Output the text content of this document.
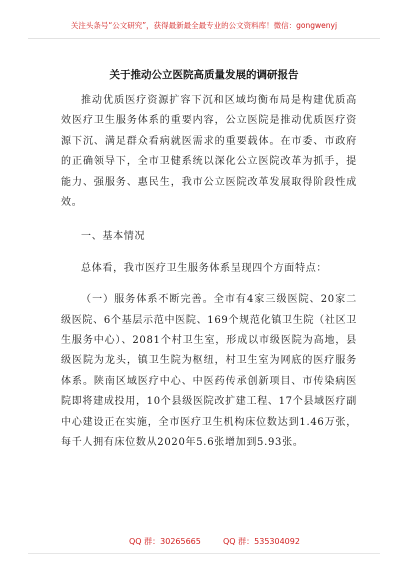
关注头条号“公文研究”，获得最新最全最专业的公文资料库！微信：gongwenyj
关于推动公立医院高质量发展的调研报告

推动优质医疗资源扩容下沉和区域均衡布局是构建优质高效医疗卫生服务体系的重要内容，公立医院是推动优质医疗资源下沉、满足群众看病就医需求的重要载体。在市委、市政府的正确领导下，全市卫健系统以深化公立医院改革为抓手，提能力、强服务、惠民生，我市公立医院改革发展取得阶段性成效。

一、基本情况

总体看，我市医疗卫生服务体系呈现四个方面特点：

（一）服务体系不断完善。全市有4家三级医院、20家二级医院、6个基层示范中医院、169个规范化镇卫生院（社区卫生服务中心）、2081个村卫生室，形成以市级医院为高地，县级医院为龙头，镇卫生院为枢纽，村卫生室为网底的医疗服务体系。陕南区域医疗中心、中医药传承创新项目、市传染病医院即将建成投用，10个县级医院改扩建工程、17个县域医疗副中心建设正在实施，全市医疗卫生机构床位数达到1.46万张，每千人拥有床位数从2020年5.6张增加到5.93张。

QQ 群：30265665	QQ 群：535304092
